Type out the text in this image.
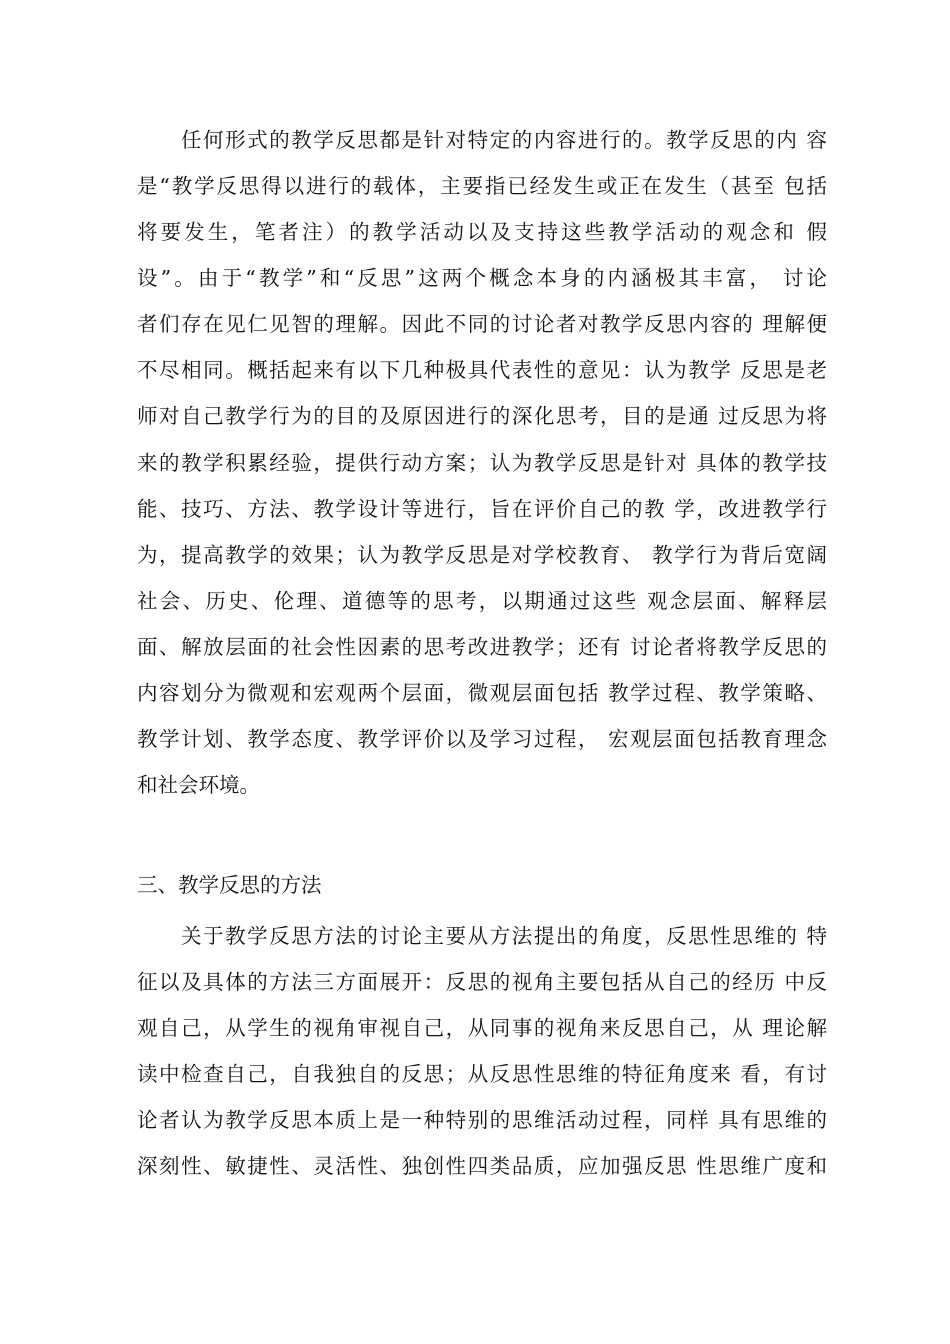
任何形式的教学反思都是针对特定的内容进行的。教学反思的内 容
是“教学反思得以进行的载体，主要指已经发生或正在发生（甚至 包括
将要发生，笔者注）的教学活动以及支持这些教学活动的观念和 假
设”。由于“教学”和“反思”这两个概念本身的内涵极其丰富， 讨论
者们存在见仁见智的理解。因此不同的讨论者对教学反思内容的 理解便
不尽相同。概括起来有以下几种极具代表性的意见：认为教学 反思是老
师对自己教学行为的目的及原因进行的深化思考，目的是通 过反思为将
来的教学积累经验，提供行动方案；认为教学反思是针对 具体的教学技
能、技巧、方法、教学设计等进行，旨在评价自己的教 学，改进教学行
为，提高教学的效果；认为教学反思是对学校教育、 教学行为背后宽阔
社会、历史、伦理、道德等的思考，以期通过这些 观念层面、解释层
面、解放层面的社会性因素的思考改进教学；还有 讨论者将教学反思的
内容划分为微观和宏观两个层面，微观层面包括 教学过程、教学策略、
教学计划、教学态度、教学评价以及学习过程， 宏观层面包括教育理念
和社会环境。
三、教学反思的方法
关于教学反思方法的讨论主要从方法提出的角度，反思性思维的 特
征以及具体的方法三方面展开：反思的视角主要包括从自己的经历 中反
观自己，从学生的视角审视自己，从同事的视角来反思自己，从 理论解
读中检查自己，自我独自的反思；从反思性思维的特征角度来 看，有讨
论者认为教学反思本质上是一种特别的思维活动过程，同样 具有思维的
深刻性、敏捷性、灵活性、独创性四类品质，应加强反思 性思维广度和
